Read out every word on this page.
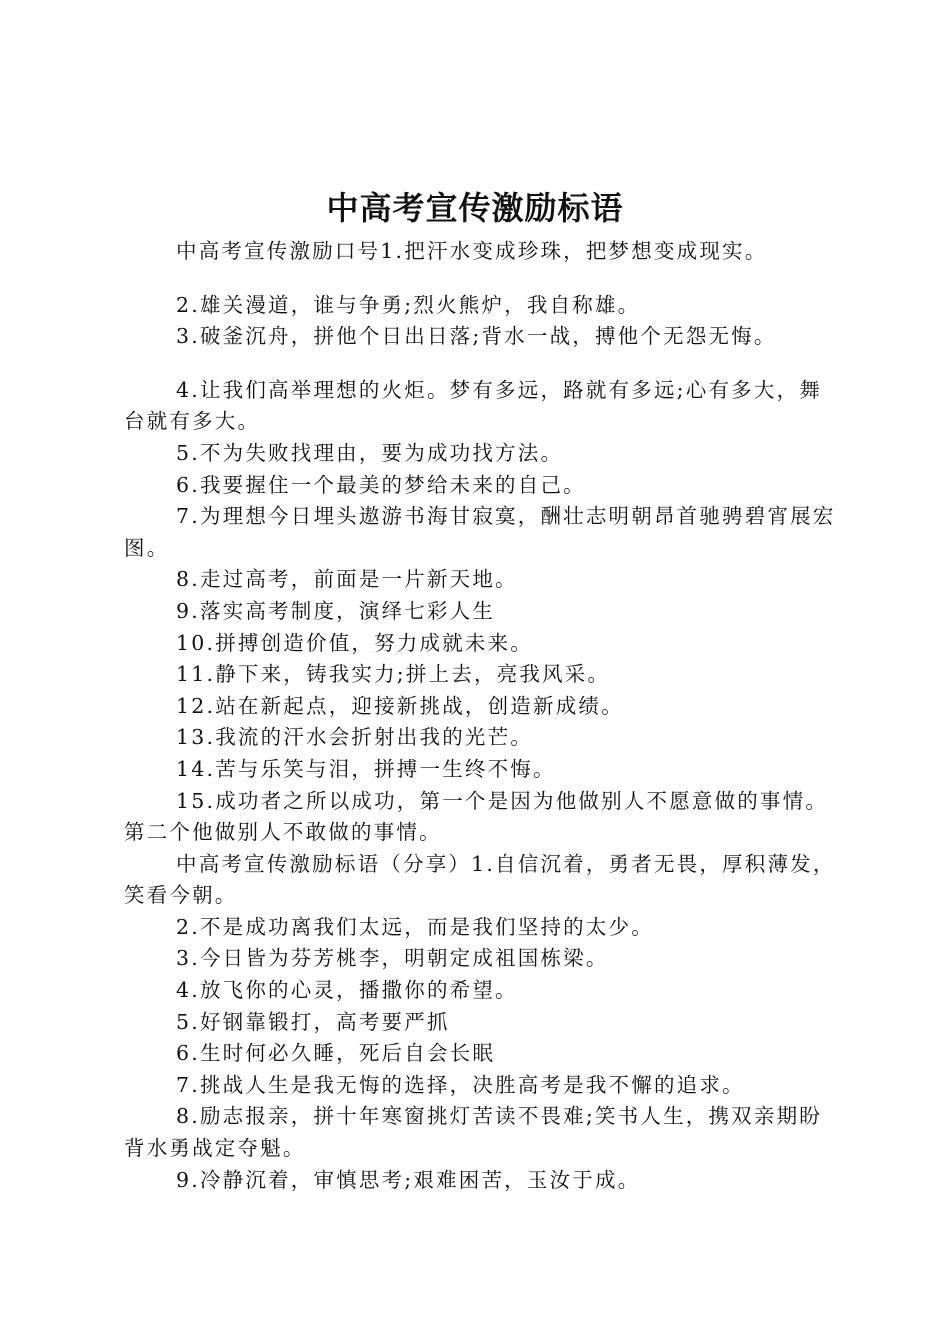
中高考宣传激励标语

中高考宣传激励口号1.把汗水变成珍珠，把梦想变成现实。

2.雄关漫道，谁与争勇;烈火熊炉，我自称雄。

3.破釜沉舟，拼他个日出日落;背水一战，搏他个无怨无悔。

4.让我们高举理想的火炬。梦有多远，路就有多远;心有多大，舞台就有多大。

5.不为失败找理由，要为成功找方法。

6.我要握住一个最美的梦给未来的自己。

7.为理想今日埋头遨游书海甘寂寞，酬壮志明朝昂首驰骋碧宵展宏图。

8.走过高考，前面是一片新天地。

9.落实高考制度，演绎七彩人生

10.拼搏创造价值，努力成就未来。

11.静下来，铸我实力;拼上去，亮我风采。

12.站在新起点，迎接新挑战，创造新成绩。

13.我流的汗水会折射出我的光芒。

14.苦与乐笑与泪，拼搏一生终不悔。

15.成功者之所以成功，第一个是因为他做别人不愿意做的事情。第二个他做别人不敢做的事情。

中高考宣传激励标语（分享）1.自信沉着，勇者无畏，厚积薄发，笑看今朝。

2.不是成功离我们太远，而是我们坚持的太少。

3.今日皆为芬芳桃李，明朝定成祖国栋梁。

4.放飞你的心灵，播撒你的希望。

5.好钢靠锻打，高考要严抓

6.生时何必久睡，死后自会长眠

7.挑战人生是我无悔的选择，决胜高考是我不懈的追求。

8.励志报亲，拼十年寒窗挑灯苦读不畏难;笑书人生，携双亲期盼背水勇战定夺魁。

9.冷静沉着，审慎思考;艰难困苦，玉汝于成。
